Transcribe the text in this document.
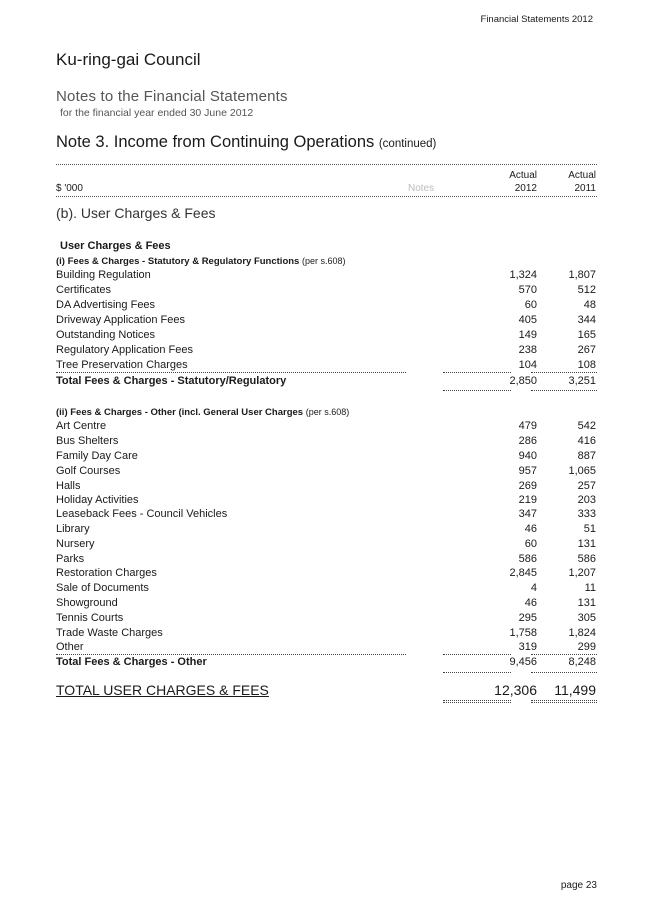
Financial Statements 2012
Ku-ring-gai Council
Notes to the Financial Statements
for the financial year ended 30 June 2012
Note 3. Income from Continuing Operations (continued)
Actual	Actual
$ '000	Notes	2012	2011
(b). User Charges & Fees
User Charges & Fees
(i) Fees & Charges - Statutory & Regulatory Functions (per s.608)
Building Regulation	1,324	1,807
Certificates	570	512
DA Advertising Fees	60	48
Driveway Application Fees	405	344
Outstanding Notices	149	165
Regulatory Application Fees	238	267
Tree Preservation Charges	104	108
Total Fees & Charges - Statutory/Regulatory	2,850	3,251
(ii) Fees & Charges - Other (incl. General User Charges (per s.608)
Art Centre	479	542
Bus Shelters	286	416
Family Day Care	940	887
Golf Courses	957	1,065
Halls	269	257
Holiday Activities	219	203
Leaseback Fees - Council Vehicles	347	333
Library	46	51
Nursery	60	131
Parks	586	586
Restoration Charges	2,845	1,207
Sale of Documents	4	11
Showground	46	131
Tennis Courts	295	305
Trade Waste Charges	1,758	1,824
Other	319	299
Total Fees & Charges - Other	9,456	8,248
TOTAL USER CHARGES & FEES	12,306 11,499
page 23
